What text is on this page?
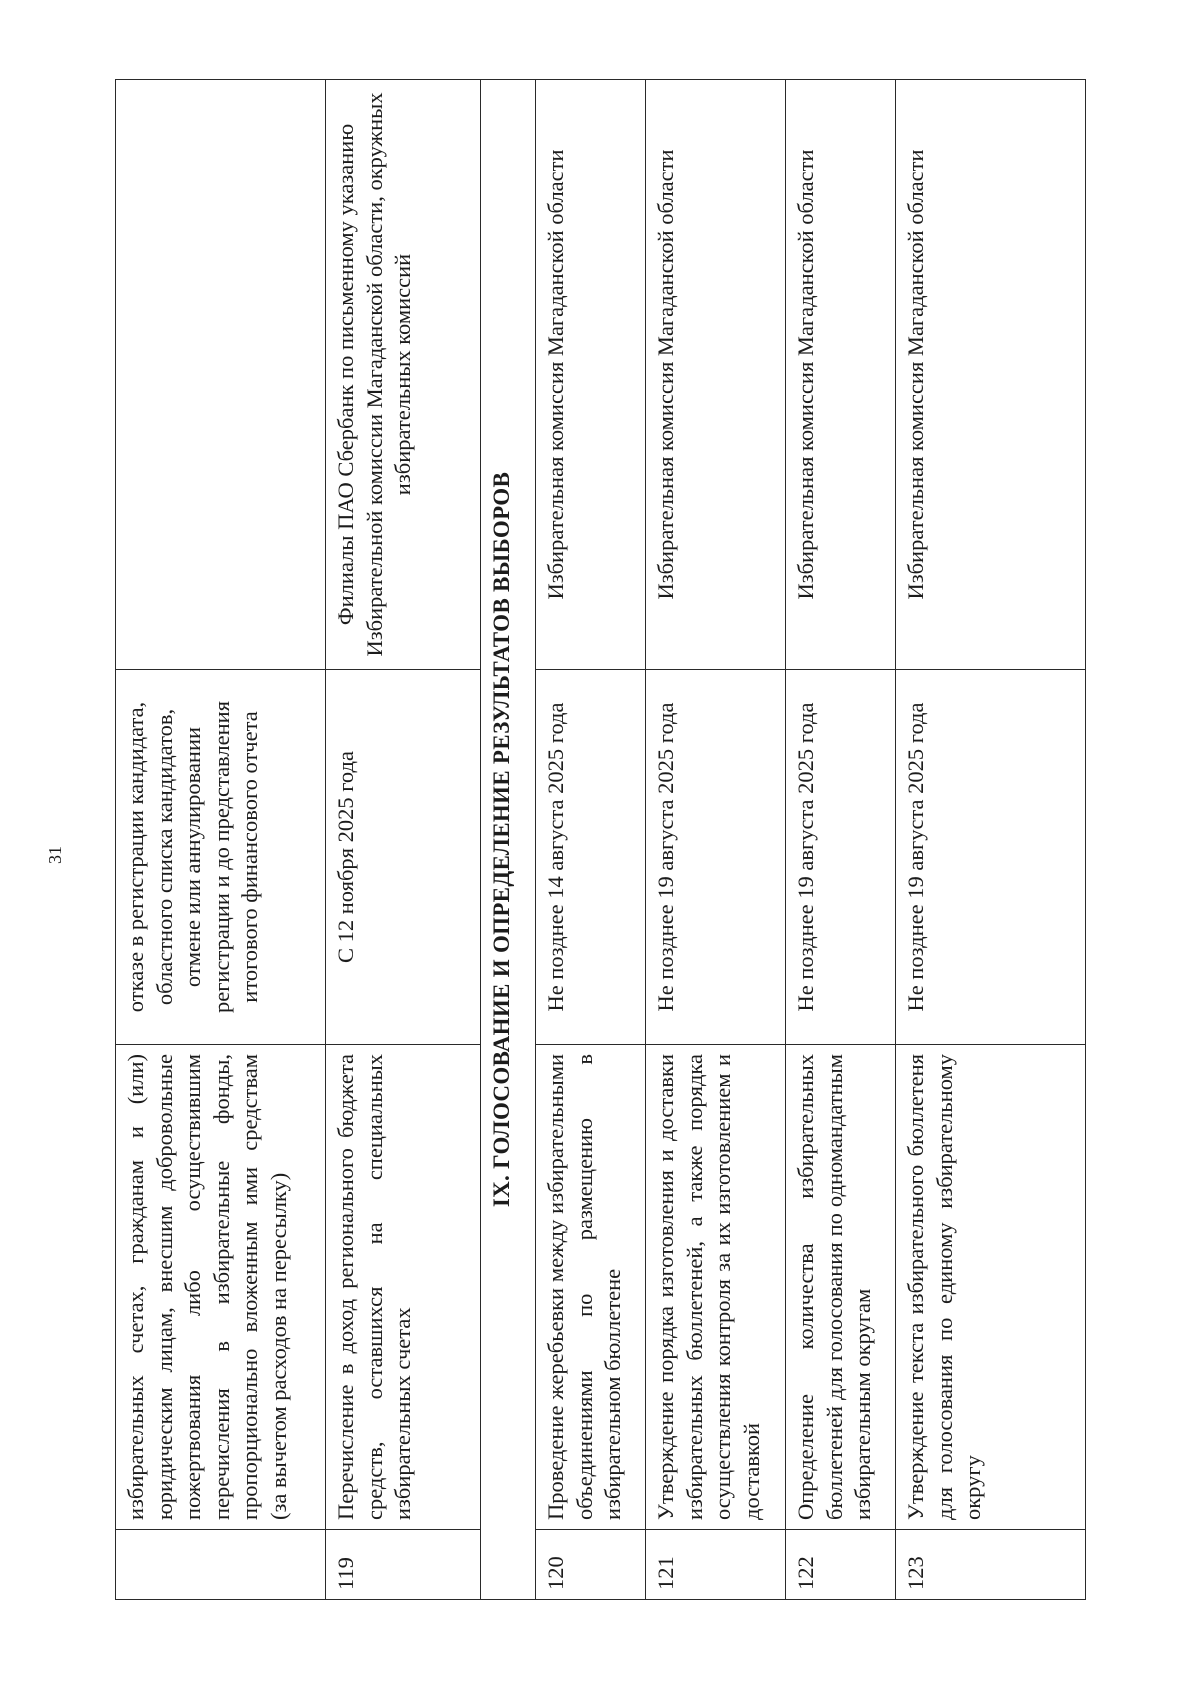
31
	избирательных счетах, гражданам и (или) юридическим лицам, внесшим добровольные пожертвования либо осуществившим перечисления в избирательные фонды, пропорционально вложенным ими средствам (за вычетом расходов на пересылку)	отказе в регистрации кандидата, областного списка кандидатов, отмене или аннулировании регистрации и до представления итогового финансового отчета	
119	Перечисление в доход регионального бюджета средств, оставшихся на специальных избирательных счетах	С 12 ноября 2025 года	Филиалы ПАО Сбербанк по письменному указанию Избирательной комиссии Магаданской области, окружных избирательных комиссий
IX. ГОЛОСОВАНИЕ И ОПРЕДЕЛЕНИЕ РЕЗУЛЬТАТОВ ВЫБОРОВ			
120	Проведение жеребьевки между избирательными объединениями по размещению в избирательном бюллетене	Не позднее 14 августа 2025 года	Избирательная комиссия Магаданской области
121	Утверждение порядка изготовления и доставки избирательных бюллетеней, а также порядка осуществления контроля за их изготовлением и доставкой	Не позднее 19 августа 2025 года	Избирательная комиссия Магаданской области
122	Определение количества избирательных бюллетеней для голосования по одномандатным избирательным округам	Не позднее 19 августа 2025 года	Избирательная комиссия Магаданской области
123	Утверждение текста избирательного бюллетеня для голосования по единому избирательному округу	Не позднее 19 августа 2025 года	Избирательная комиссия Магаданской области
